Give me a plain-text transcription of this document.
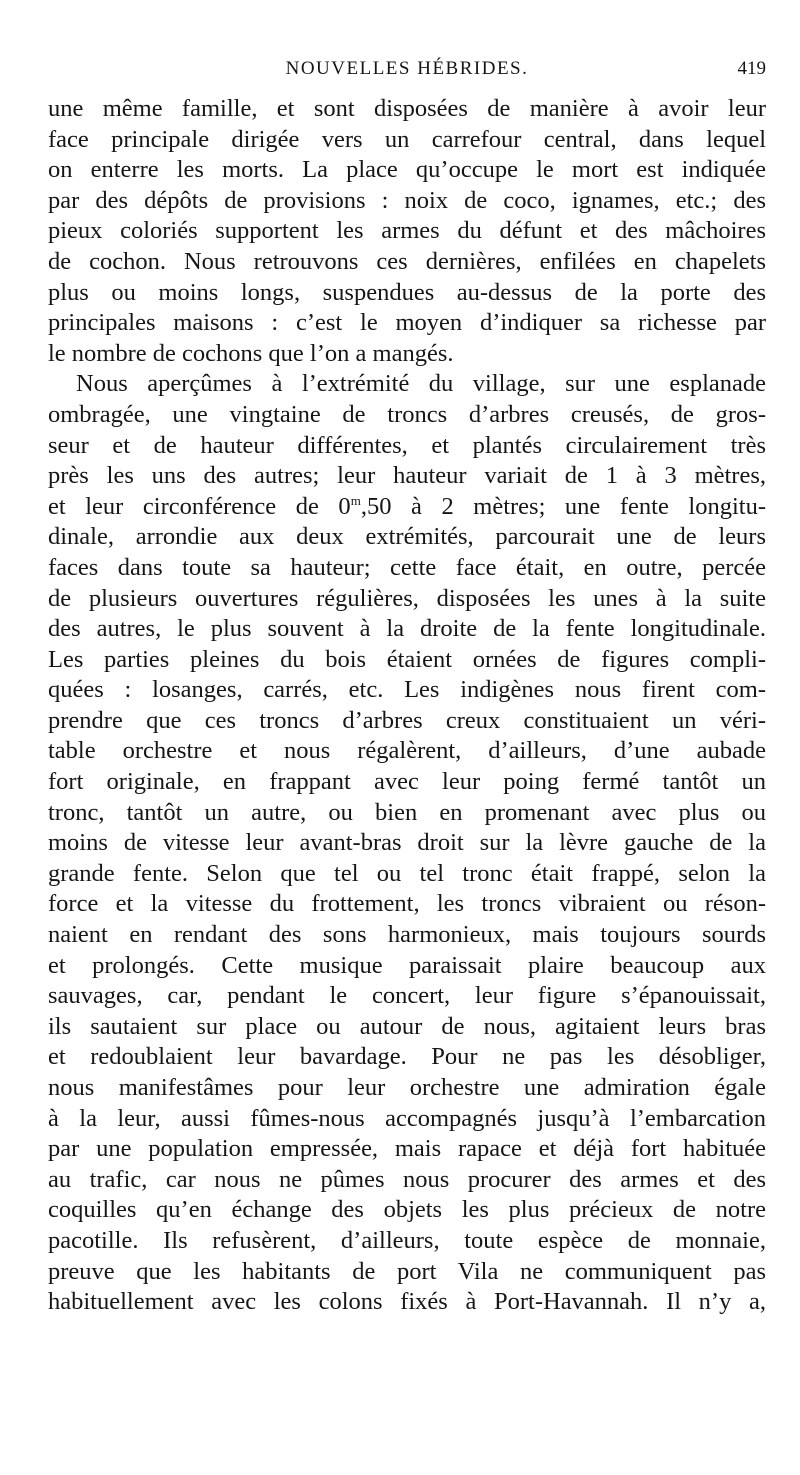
NOUVELLES HÉBRIDES.	419
une même famille, et sont disposées de manière à avoir leur
face principale dirigée vers un carrefour central, dans lequel
on enterre les morts. La place qu’occupe le mort est indiquée
par des dépôts de provisions : noix de coco, ignames, etc.; des
pieux coloriés supportent les armes du défunt et des mâchoires
de cochon. Nous retrouvons ces dernières, enfilées en chapelets
plus ou moins longs, suspendues au-dessus de la porte des
principales maisons : c’est le moyen d’indiquer sa richesse par
le nombre de cochons que l’on a mangés.
Nous aperçûmes à l’extrémité du village, sur une esplanade
ombragée, une vingtaine de troncs d’arbres creusés, de gros-
seur et de hauteur différentes, et plantés circulairement très
près les uns des autres; leur hauteur variait de 1 à 3 mètres,
et leur circonférence de 0$^m$,50 à 2 mètres; une fente longitu-
dinale, arrondie aux deux extrémités, parcourait une de leurs
faces dans toute sa hauteur; cette face était, en outre, percée
de plusieurs ouvertures régulières, disposées les unes à la suite
des autres, le plus souvent à la droite de la fente longitudinale.
Les parties pleines du bois étaient ornées de figures compli-
quées : losanges, carrés, etc. Les indigènes nous firent com-
prendre que ces troncs d’arbres creux constituaient un véri-
table orchestre et nous régalèrent, d’ailleurs, d’une aubade
fort originale, en frappant avec leur poing fermé tantôt un
tronc, tantôt un autre, ou bien en promenant avec plus ou
moins de vitesse leur avant-bras droit sur la lèvre gauche de la
grande fente. Selon que tel ou tel tronc était frappé, selon la
force et la vitesse du frottement, les troncs vibraient ou réson-
naient en rendant des sons harmonieux, mais toujours sourds
et prolongés. Cette musique paraissait plaire beaucoup aux
sauvages, car, pendant le concert, leur figure s’épanouissait,
ils sautaient sur place ou autour de nous, agitaient leurs bras
et redoublaient leur bavardage. Pour ne pas les désobliger,
nous manifestâmes pour leur orchestre une admiration égale
à la leur, aussi fûmes-nous accompagnés jusqu’à l’embarcation
par une population empressée, mais rapace et déjà fort habituée
au trafic, car nous ne pûmes nous procurer des armes et des
coquilles qu’en échange des objets les plus précieux de notre
pacotille. Ils refusèrent, d’ailleurs, toute espèce de monnaie,
preuve que les habitants de port Vila ne communiquent pas
habituellement avec les colons fixés à Port-Havannah. Il n’y a,
